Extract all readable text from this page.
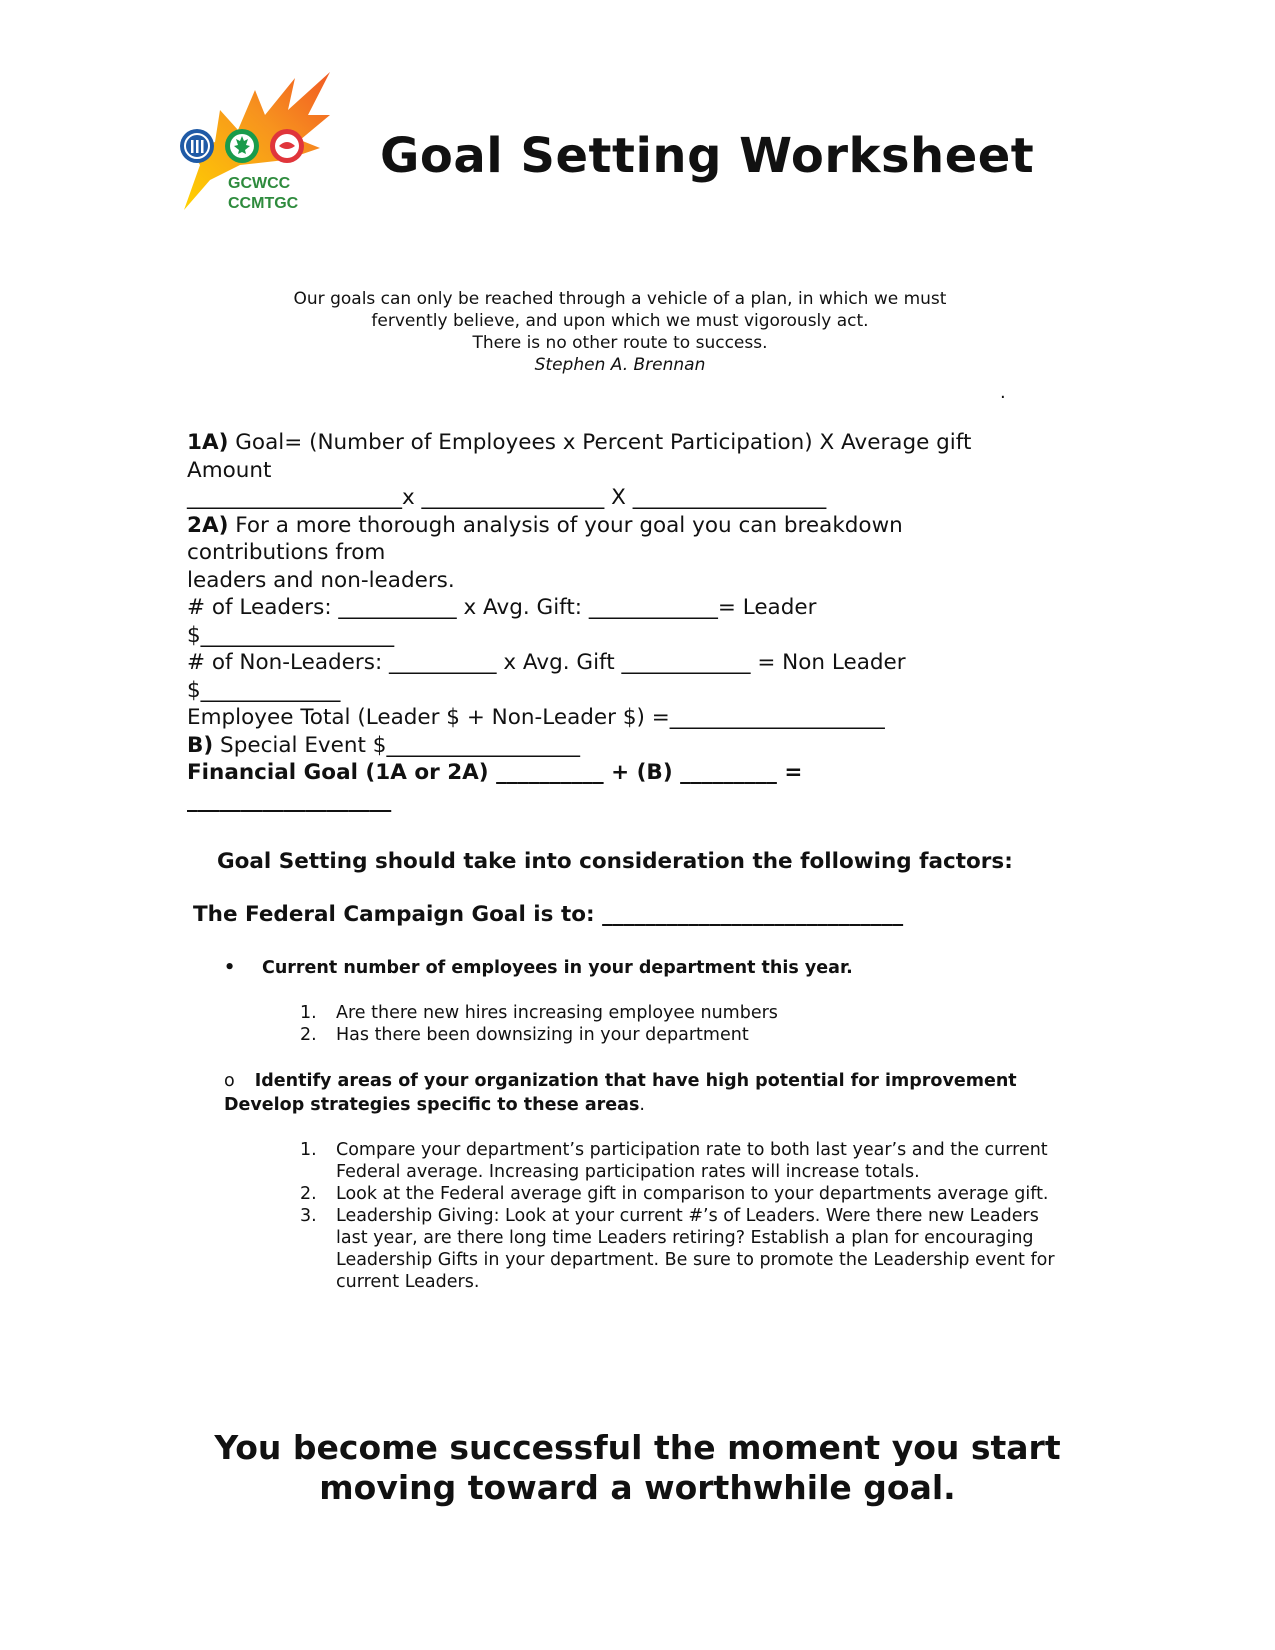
GCWCC
CCMTGC
Goal Setting Worksheet
Our goals can only be reached through a vehicle of a plan, in which we must
fervently believe, and upon which we must vigorously act.
There is no other route to success.
Stephen A. Brennan
.
1A) Goal= (Number of Employees x Percent Participation) X Average gift
Amount
____________________x _________________ X __________________
2A) For a more thorough analysis of your goal you can breakdown
contributions from
leaders and non-leaders.
# of Leaders: ___________ x Avg. Gift: ____________= Leader
$__________________
# of Non-Leaders: __________ x Avg. Gift ____________ = Non Leader
$_____________
Employee Total (Leader $ + Non-Leader $) =____________________
B) Special Event $__________________
Financial Goal (1A or 2A) __________ + (B) _________ =
___________________
Goal Setting should take into consideration the following factors:
The Federal Campaign Goal is to: ____________________________
• Current number of employees in your department this year.
1. Are there new hires increasing employee numbers
2. Has there been downsizing in your department
o Identify areas of your organization that have high potential for improvement
Develop strategies specific to these areas.
1. Compare your department’s participation rate to both last year’s and the current Federal average. Increasing participation rates will increase totals.
2. Look at the Federal average gift in comparison to your departments average gift.
3. Leadership Giving: Look at your current #’s of Leaders. Were there new Leaders last year, are there long time Leaders retiring? Establish a plan for encouraging Leadership Gifts in your department. Be sure to promote the Leadership event for current Leaders.
You become successful the moment you start
moving toward a worthwhile goal.
